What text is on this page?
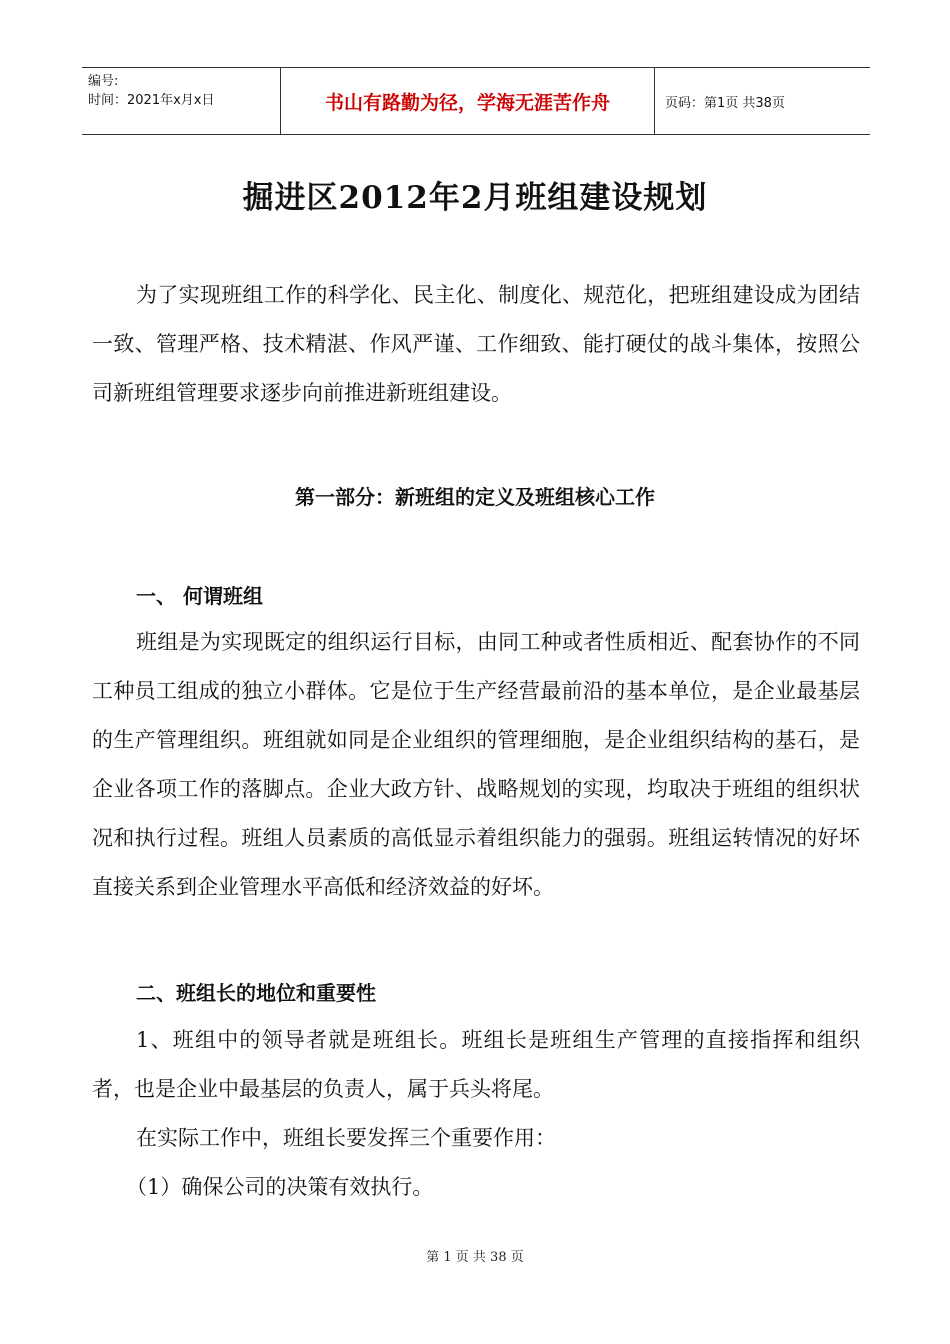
编号:
时间：2021年x月x日	书山有路勤为径，学海无涯苦作舟	页码：第1页 共38页
掘进区2012年2月班组建设规划

为了实现班组工作的科学化、民主化、制度化、规范化，把班组建设成为团结一致、管理严格、技术精湛、作风严谨、工作细致、能打硬仗的战斗集体，按照公司新班组管理要求逐步向前推进新班组建设。

第一部分：新班组的定义及班组核心工作
一、 何谓班组

班组是为实现既定的组织运行目标，由同工种或者性质相近、配套协作的不同工种员工组成的独立小群体。它是位于生产经营最前沿的基本单位，是企业最基层的生产管理组织。班组就如同是企业组织的管理细胞，是企业组织结构的基石，是企业各项工作的落脚点。企业大政方针、战略规划的实现，均取决于班组的组织状况和执行过程。班组人员素质的高低显示着组织能力的强弱。班组运转情况的好坏直接关系到企业管理水平高低和经济效益的好坏。

二、班组长的地位和重要性

1、班组中的领导者就是班组长。班组长是班组生产管理的直接指挥和组织者，也是企业中最基层的负责人，属于兵头将尾。

在实际工作中，班组长要发挥三个重要作用：

（1）确保公司的决策有效执行。

第 1 页 共 38 页
